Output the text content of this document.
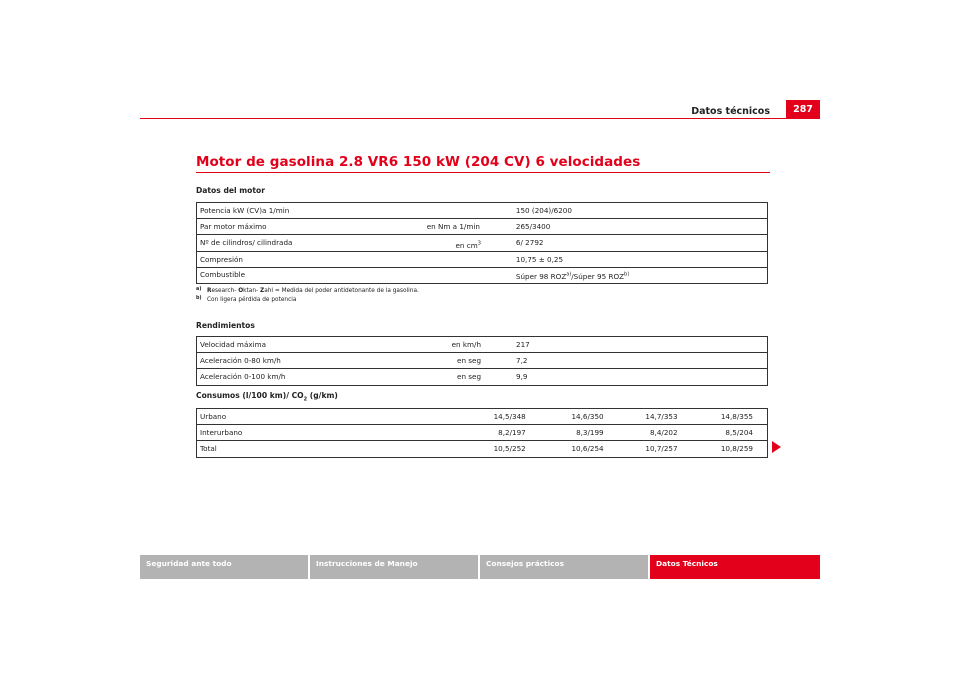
Datos técnicos	287
Motor de gasolina 2.8 VR6 150 kW (204 CV) 6 velocidades
Datos del motor
Potencia kW (CV) a 1/min	150 (204)/6200	

Par motor máximo en Nm a 1/min	265/3400	

Nº de cilindros/ cilindrada en $cm^3$	6/ 2792	
Compresión	10,75 ± 0,25	
Combustible	Súper 98 ROZ$^{a)}$/Súper 95 ROZ$^{b)}$	
a) Research- Oktan- Zahl = Medida del poder antidetonante de la gasolina.
b) Con ligera pérdida de potencia
Rendimientos
Velocidad máxima en km/h	217	

Aceleración 0-80 km/h en seg	7,2	

Aceleración 0-100 km/h en seg	9,9	
Consumos (l/100 km)/ $CO_2$ (g/km)
Urbano	14,5/348	14,6/350	14,7/353	14,8/355
Interurbano	8,2/197	8,3/199	8,4/202	8,5/204
Total	10,5/252	10,6/254	10,7/257	10,8/259
Seguridad ante todo	Instrucciones de Manejo	Consejos prácticos	Datos Técnicos
